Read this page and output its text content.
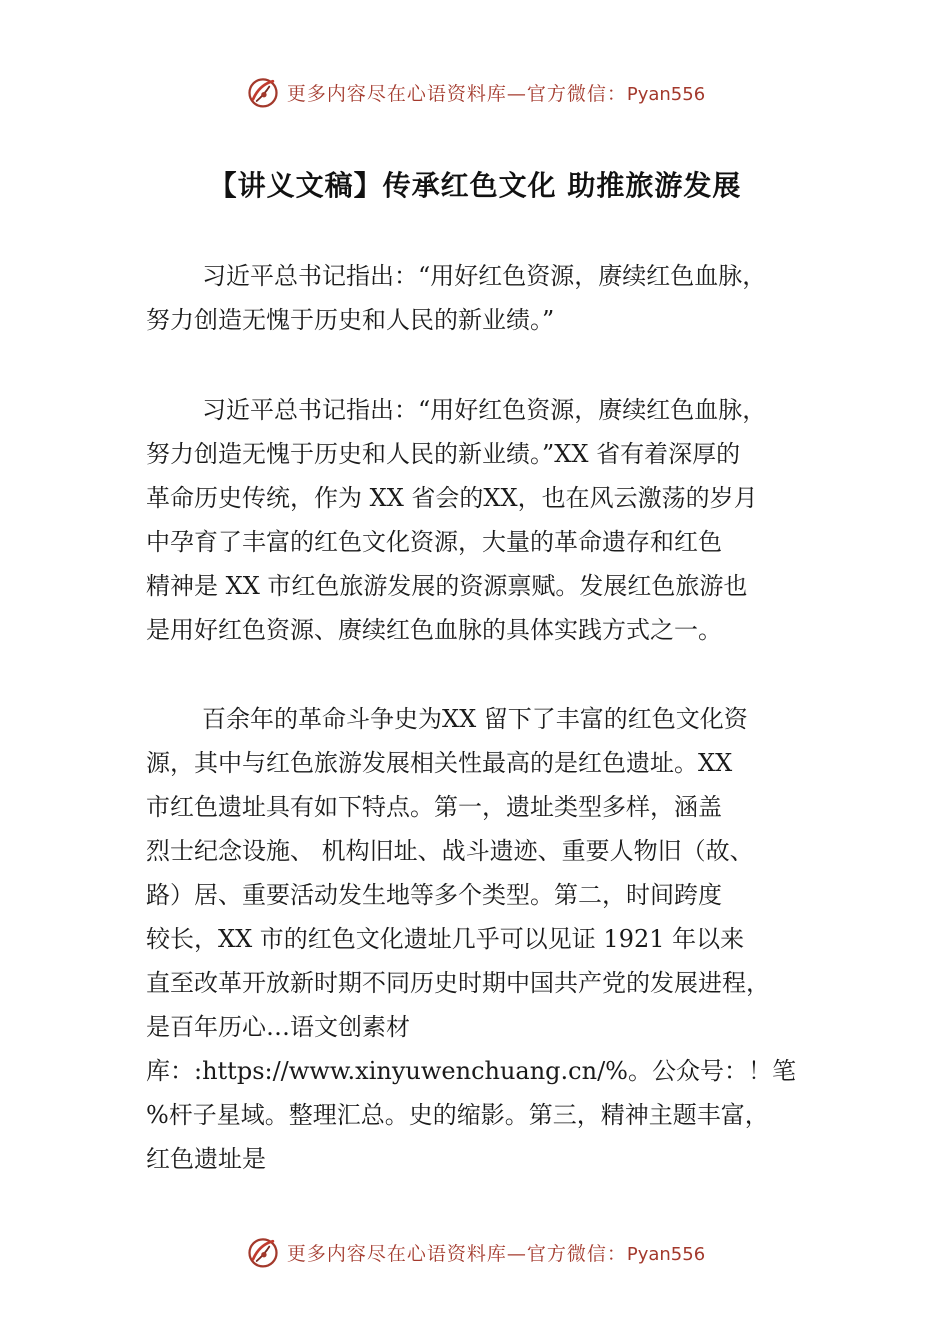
更多内容尽在心语资料库—官方微信：Pyan556
【讲义文稿】传承红色文化 助推旅游发展
习近平总书记指出：“用好红色资源，赓续红色血脉，
努力创造无愧于历史和人民的新业绩。”
习近平总书记指出：“用好红色资源，赓续红色血脉，
努力创造无愧于历史和人民的新业绩。”XX 省有着深厚的
革命历史传统，作为 XX 省会的XX，也在风云激荡的岁月
中孕育了丰富的红色文化资源，大量的革命遗存和红色
精神是 XX 市红色旅游发展的资源禀赋。发展红色旅游也
是用好红色资源、赓续红色血脉的具体实践方式之一。
百余年的革命斗争史为XX 留下了丰富的红色文化资
源，其中与红色旅游发展相关性最高的是红色遗址。XX
市红色遗址具有如下特点。第一，遗址类型多样，涵盖
烈士纪念设施、 机构旧址、战斗遗迹、重要人物旧（故、
路）居、重要活动发生地等多个类型。第二，时间跨度
较长，XX 市的红色文化遗址几乎可以见证 1921 年以来
直至改革开放新时期不同历史时期中国共产党的发展进程，
是百年历心…语文创素材
库：:https://www.xinyuwenchuang.cn/%。公众号：！笔
%杆子星域。整理汇总。史的缩影。第三，精神主题丰富，
红色遗址是
更多内容尽在心语资料库—官方微信：Pyan556
